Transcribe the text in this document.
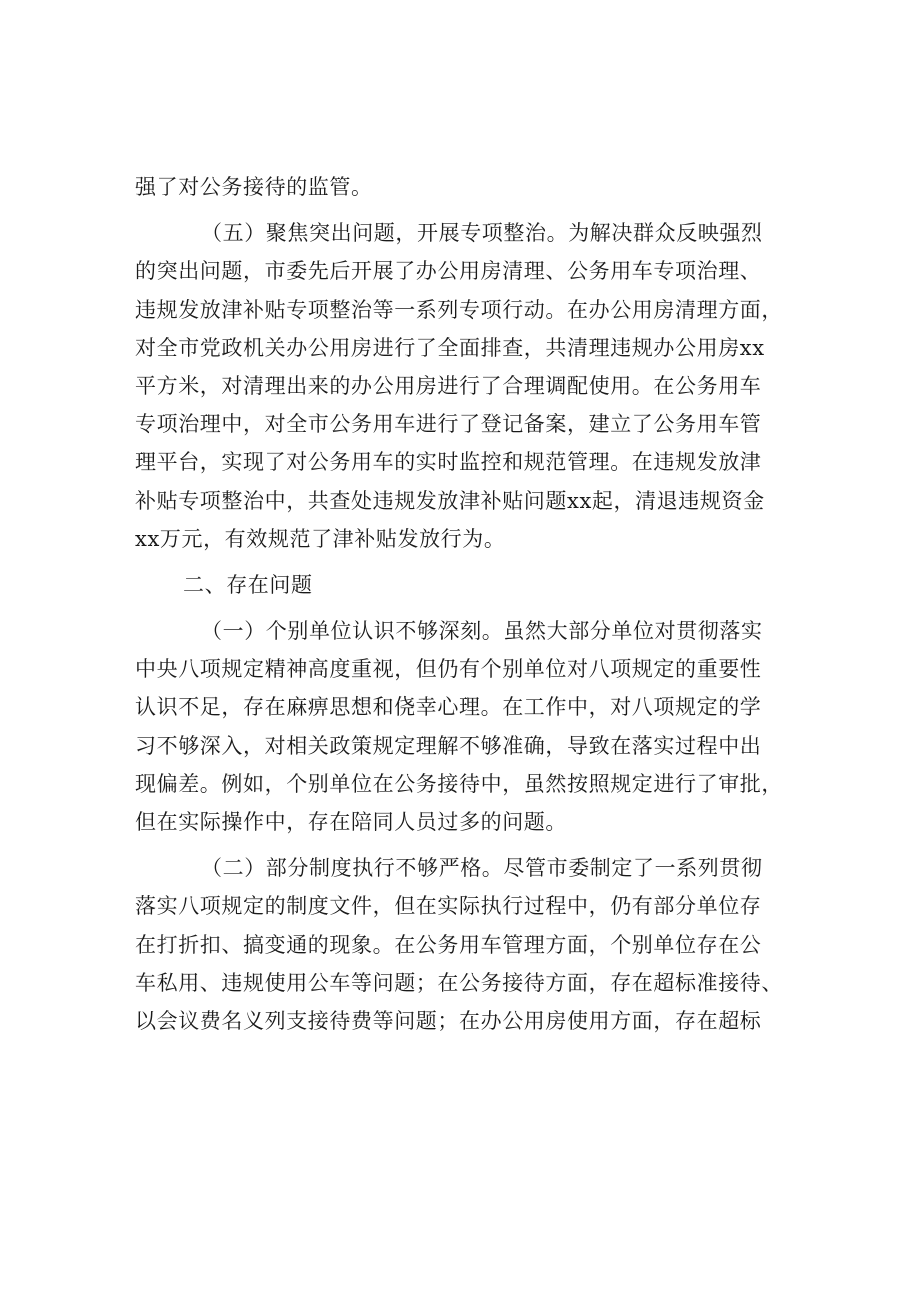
强了对公务接待的监管。
（五）聚焦突出问题，开展专项整治。为解决群众反映强烈
的突出问题，市委先后开展了办公用房清理、公务用车专项治理、
违规发放津补贴专项整治等一系列专项行动。在办公用房清理方面，
对全市党政机关办公用房进行了全面排查，共清理违规办公用房xx
平方米，对清理出来的办公用房进行了合理调配使用。在公务用车
专项治理中，对全市公务用车进行了登记备案，建立了公务用车管
理平台，实现了对公务用车的实时监控和规范管理。在违规发放津
补贴专项整治中，共查处违规发放津补贴问题xx起，清退违规资金
xx万元，有效规范了津补贴发放行为。
二、存在问题
（一）个别单位认识不够深刻。虽然大部分单位对贯彻落实
中央八项规定精神高度重视，但仍有个别单位对八项规定的重要性
认识不足，存在麻痹思想和侥幸心理。在工作中，对八项规定的学
习不够深入，对相关政策规定理解不够准确，导致在落实过程中出
现偏差。例如，个别单位在公务接待中，虽然按照规定进行了审批，
但在实际操作中，存在陪同人员过多的问题。
（二）部分制度执行不够严格。尽管市委制定了一系列贯彻
落实八项规定的制度文件，但在实际执行过程中，仍有部分单位存
在打折扣、搞变通的现象。在公务用车管理方面，个别单位存在公
车私用、违规使用公车等问题；在公务接待方面，存在超标准接待、
以会议费名义列支接待费等问题；在办公用房使用方面，存在超标
